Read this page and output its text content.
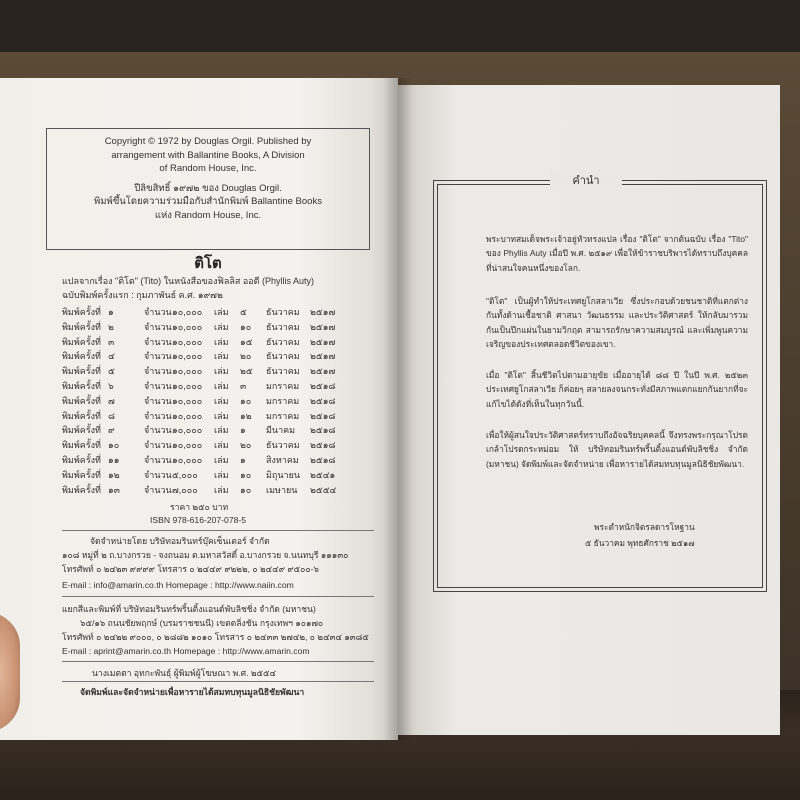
Copyright © 1972 by Douglas Orgil. Published by
arrangement with Ballantine Books, A Division
of Random House, Inc.
ปีลิขสิทธิ์ ๑๙๗๒ ของ Douglas Orgil.
พิมพ์ขึ้นโดยความร่วมมือกับสำนักพิมพ์ Ballantine Books
แห่ง Random House, Inc.
ติโต
แปลจากเรื่อง "ติโต" (Tito) ในหนังสือของฟิลลิส ออตี (Phyllis Auty)
ฉบับพิมพ์ครั้งแรก : กุมภาพันธ์ ค.ศ. ๑๙๗๒
พิมพ์ครั้งที่ ๑	จำนวน ๑๐,๐๐๐ เล่ม ๕ ธันวาคม ๒๕๑๗
พิมพ์ครั้งที่ ๒	จำนวน ๑๐,๐๐๐ เล่ม ๑๐ ธันวาคม ๒๕๑๗
พิมพ์ครั้งที่ ๓	จำนวน ๑๐,๐๐๐ เล่ม ๑๕ ธันวาคม ๒๕๑๗
พิมพ์ครั้งที่ ๔	จำนวน ๑๐,๐๐๐ เล่ม ๒๐ ธันวาคม ๒๕๑๗
พิมพ์ครั้งที่ ๕	จำนวน ๑๐,๐๐๐ เล่ม ๒๕ ธันวาคม ๒๕๑๗
พิมพ์ครั้งที่ ๖	จำนวน ๑๐,๐๐๐ เล่ม ๓ มกราคม ๒๕๑๘
พิมพ์ครั้งที่ ๗	จำนวน ๑๐,๐๐๐ เล่ม ๑๐ มกราคม ๒๕๑๘
พิมพ์ครั้งที่ ๘	จำนวน ๑๐,๐๐๐ เล่ม ๑๒ มกราคม ๒๕๑๘
พิมพ์ครั้งที่ ๙	จำนวน ๑๐,๐๐๐ เล่ม ๑ มีนาคม ๒๕๑๘
พิมพ์ครั้งที่ ๑๐	จำนวน ๑๐,๐๐๐ เล่ม ๒๐ ธันวาคม ๒๕๑๘
พิมพ์ครั้งที่ ๑๑	จำนวน ๑๐,๐๐๐ เล่ม ๑ สิงหาคม ๒๕๑๘
พิมพ์ครั้งที่ ๑๒	จำนวน ๕,๐๐๐ เล่ม ๑๐ มิถุนายน ๒๕๔๑
พิมพ์ครั้งที่ ๑๓	จำนวน ๗,๐๐๐ เล่ม ๑๐ เมษายน ๒๕๕๔
ราคา ๒๕๐ บาท
ISBN 978-616-207-078-5
จัดจำหน่ายโดย บริษัทอมรินทร์บุ๊คเซ็นเตอร์ จำกัด
๑๐๘ หมู่ที่ ๒ ถ.บางกรวย - จงถนอม ต.มหาสวัสดิ์ อ.บางกรวย จ.นนทบุรี ๑๑๑๓๐
โทรศัพท์ ๐ ๒๔๒๓ ๙๙๙๙ โทรสาร ๐ ๒๔๔๙ ๙๒๒๒, ๐ ๒๔๔๙ ๙๕๐๐-๖
E-mail : info@amarin.co.th Homepage : http://www.naiin.com
แยกสีและพิมพ์ที่ บริษัทอมรินทร์พริ้นติ้งแอนด์พับลิชชิ่ง จำกัด (มหาชน)
๖๕/๑๖ ถนนชัยพฤกษ์ (บรมราชชนนี) เขตตลิ่งชัน กรุงเทพฯ ๑๐๑๗๐
โทรศัพท์ ๐ ๒๔๒๒ ๙๐๐๐, ๐ ๒๘๘๒ ๑๐๑๐ โทรสาร ๐ ๒๔๓๓ ๒๗๔๒, ๐ ๒๔๓๔ ๑๓๘๕
E-mail : aprint@amarin.co.th Homepage : http://www.amarin.com
นางเมตตา อุทกะพันธุ์ ผู้พิมพ์ผู้โฆษณา พ.ศ. ๒๕๕๔
จัดพิมพ์และจัดจำหน่ายเพื่อหารายได้สมทบทุนมูลนิธิชัยพัฒนา
คำนำ
พระบาทสมเด็จพระเจ้าอยู่หัวทรงแปล เรื่อง "ติโต" จากต้นฉบับ เรื่อง "Tito" ของ Phyllis Auty เมื่อปี พ.ศ. ๒๕๑๙ เพื่อให้ข้าราชบริพารได้ทราบถึงบุคคลที่น่าสนใจคนหนึ่งของโลก.
"ติโต" เป็นผู้ทำให้ประเทศยูโกสลาเวีย ซึ่งประกอบด้วยชนชาติที่แตกต่างกันทั้งด้านเชื้อชาติ ศาสนา วัฒนธรรม และประวัติศาสตร์ ให้กลับมารวมกันเป็นปึกแผ่นในยามวิกฤต สามารถรักษาความสมบูรณ์ และเพิ่มพูนความเจริญของประเทศตลอดชีวิตของเขา.
เมื่อ "ติโต" สิ้นชีวิตไปตามอายุขัย เมื่ออายุได้ ๘๘ ปี ในปี พ.ศ. ๒๕๒๓ ประเทศยูโกสลาเวีย ก็ค่อยๆ สลายลงจนกระทั่งมีสภาพแตกแยกกันยากที่จะแก้ไขได้ดังที่เห็นในทุกวันนี้.
เพื่อให้ผู้สนใจประวัติศาสตร์ทราบถึงอัจฉริยบุคคลนี้ จึงทรงพระกรุณาโปรดเกล้าโปรดกระหม่อม ให้ บริษัทอมรินทร์พริ้นติ้งแอนด์พับลิชชิ่ง จำกัด (มหาชน) จัดพิมพ์และจัดจำหน่าย เพื่อหารายได้สมทบทุนมูลนิธิชัยพัฒนา.
พระตำหนักจิตรลดารโหฐาน
๕ ธันวาคม พุทธศักราช ๒๕๑๗
